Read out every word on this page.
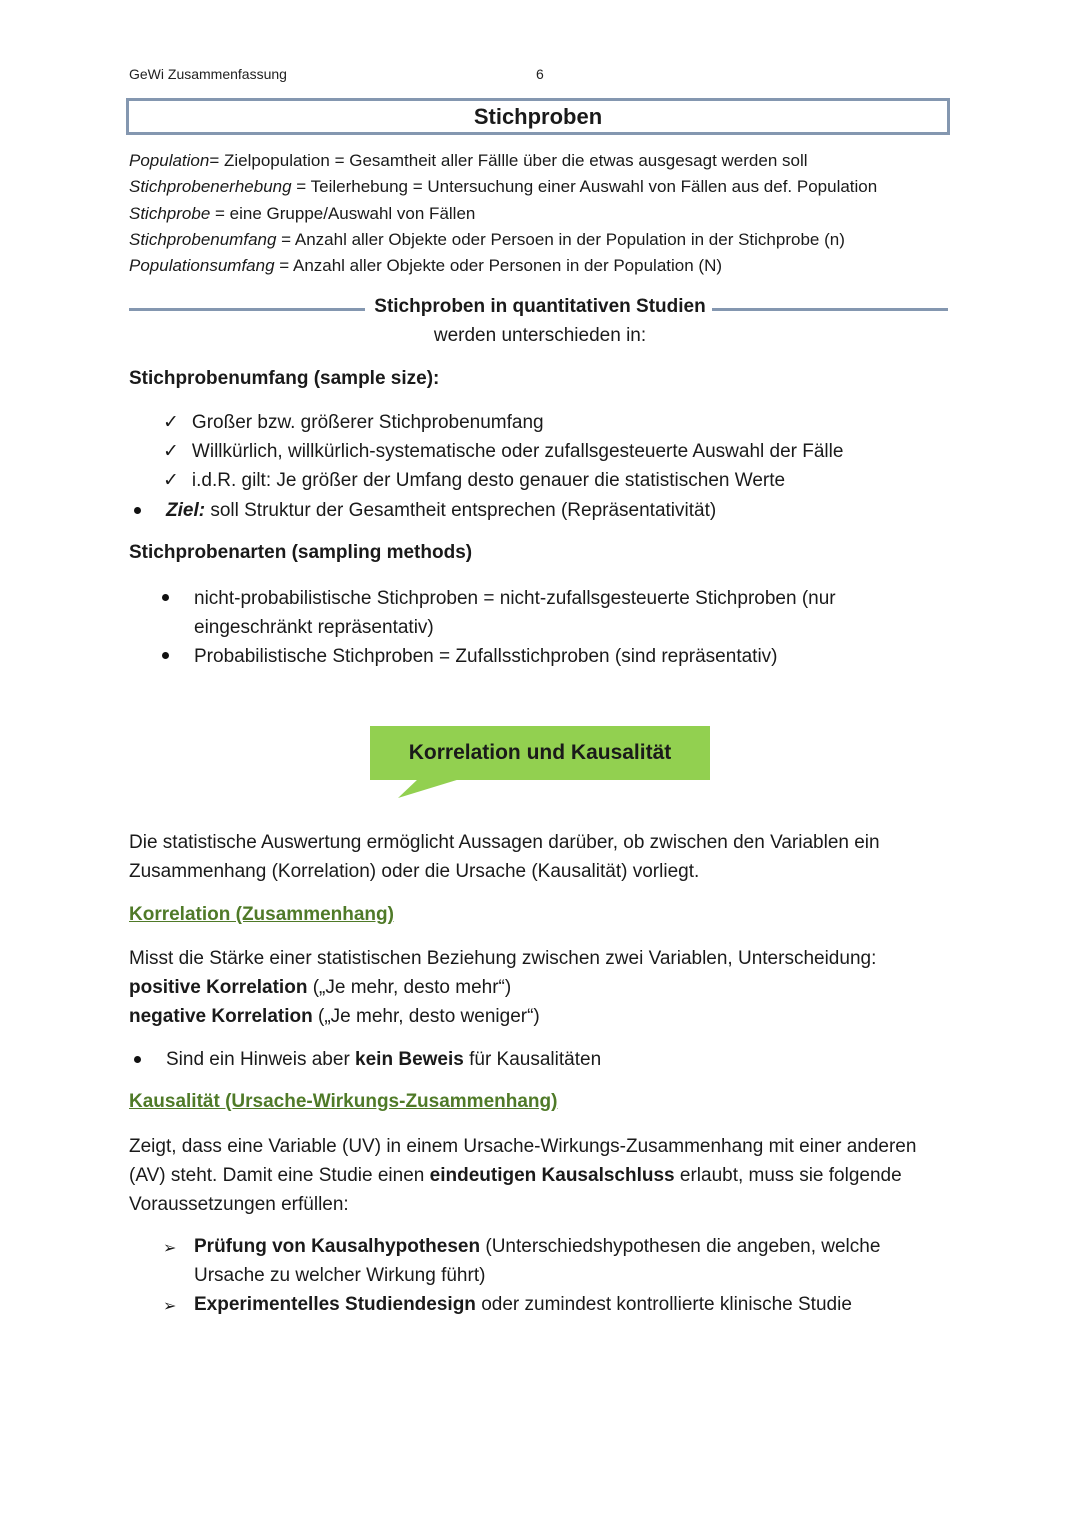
GeWi Zusammenfassung	6
Stichproben
Population= Zielpopulation = Gesamtheit aller Fällle über die etwas ausgesagt werden soll
Stichprobenerhebung = Teilerhebung = Untersuchung einer Auswahl von Fällen aus def. Population
Stichprobe = eine Gruppe/Auswahl von Fällen
Stichprobenumfang = Anzahl aller Objekte oder Persoen in der Population in der Stichprobe (n)
Populationsumfang = Anzahl aller Objekte oder Personen in der Population (N)
Stichproben in quantitativen Studien
werden unterschieden in:
Stichprobenumfang (sample size):
✓ Großer bzw. größerer Stichprobenumfang
✓ Willkürlich, willkürlich-systematische oder zufallsgesteuerte Auswahl der Fälle
✓ i.d.R. gilt: Je größer der Umfang desto genauer die statistischen Werte
Ziel: soll Struktur der Gesamtheit entsprechen (Repräsentativität)
Stichprobenarten (sampling methods)
nicht-probabilistische Stichproben = nicht-zufallsgesteuerte Stichproben (nur
eingeschränkt repräsentativ)
Probabilistische Stichproben = Zufallsstichproben (sind repräsentativ)
Korrelation und Kausalität
Die statistische Auswertung ermöglicht Aussagen darüber, ob zwischen den Variablen ein
Zusammenhang (Korrelation) oder die Ursache (Kausalität) vorliegt.
Korrelation (Zusammenhang)
Misst die Stärke einer statistischen Beziehung zwischen zwei Variablen, Unterscheidung:
positive Korrelation („Je mehr, desto mehr“)
negative Korrelation („Je mehr, desto weniger“)
Sind ein Hinweis aber kein Beweis für Kausalitäten
Kausalität (Ursache-Wirkungs-Zusammenhang)
Zeigt, dass eine Variable (UV) in einem Ursache-Wirkungs-Zusammenhang mit einer anderen
(AV) steht. Damit eine Studie einen eindeutigen Kausalschluss erlaubt, muss sie folgende
Voraussetzungen erfüllen:
➢ Prüfung von Kausalhypothesen (Unterschiedshypothesen die angeben, welche
Ursache zu welcher Wirkung führt)
➢ Experimentelles Studiendesign oder zumindest kontrollierte klinische Studie
